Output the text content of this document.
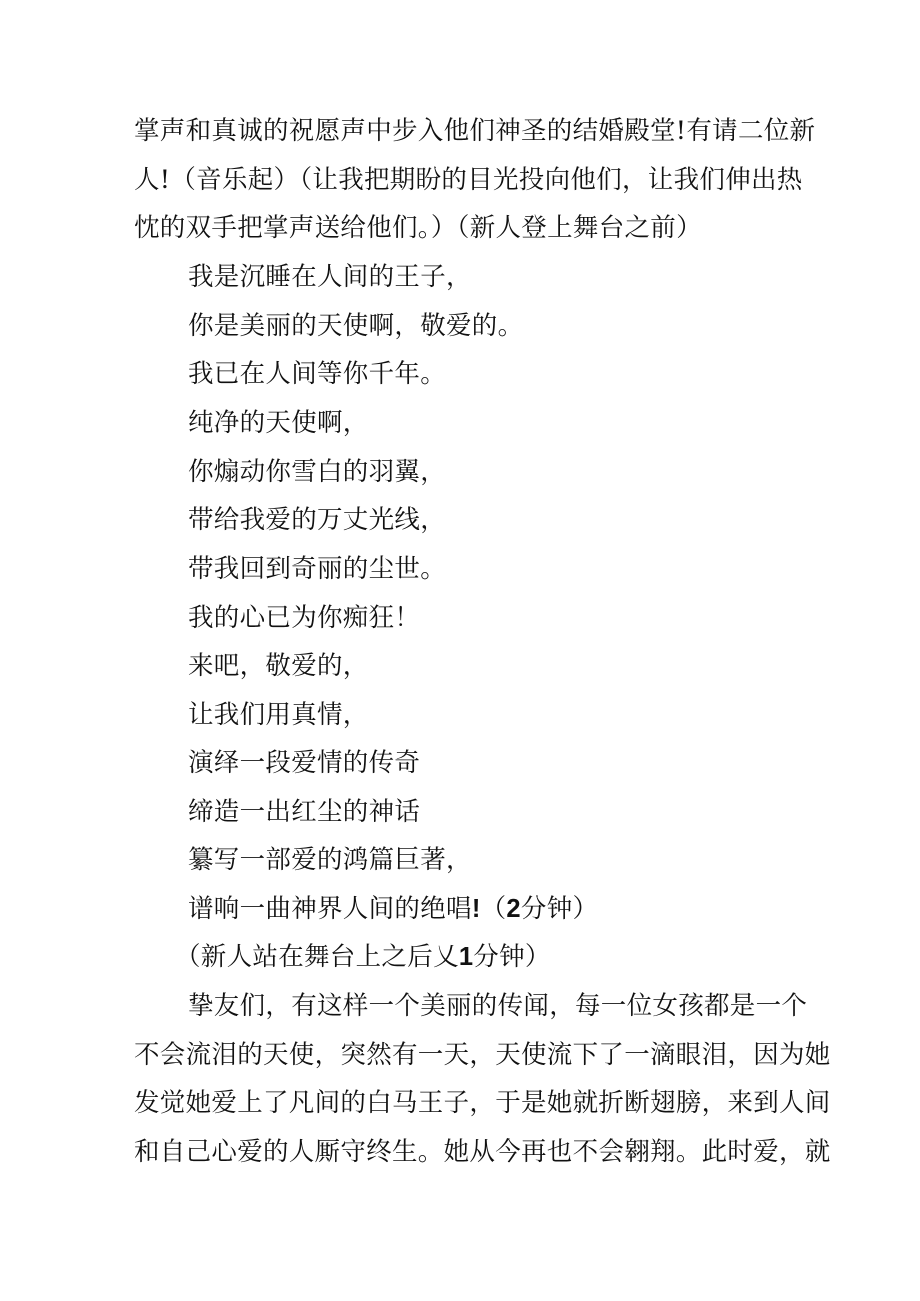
掌声和真诚的祝愿声中步入他们神圣的结婚殿堂!有请二位新
人!（音乐起）（让我把期盼的目光投向他们，让我们伸出热
忱的双手把掌声送给他们。）（新人登上舞台之前）
我是沉睡在人间的王子，
你是美丽的天使啊，敬爱的。
我已在人间等你千年。
纯净的天使啊，
你煽动你雪白的羽翼，
带给我爱的万丈光线，
带我回到奇丽的尘世。
我的心已为你痴狂！
来吧，敬爱的，
让我们用真情，
演绎一段爱情的传奇
缔造一出红尘的神话
纂写一部爱的鸿篇巨著，
谱响一曲神界人间的绝唱!（2分钟）
（新人站在舞台上之后乂1分钟）
挚友们，有这样一个美丽的传闻，每一位女孩都是一个
不会流泪的天使，突然有一天，天使流下了一滴眼泪，因为她
发觉她爱上了凡间的白马王子，于是她就折断翅膀，来到人间
和自己心爱的人厮守终生。她从今再也不会翱翔。此时爱，就
